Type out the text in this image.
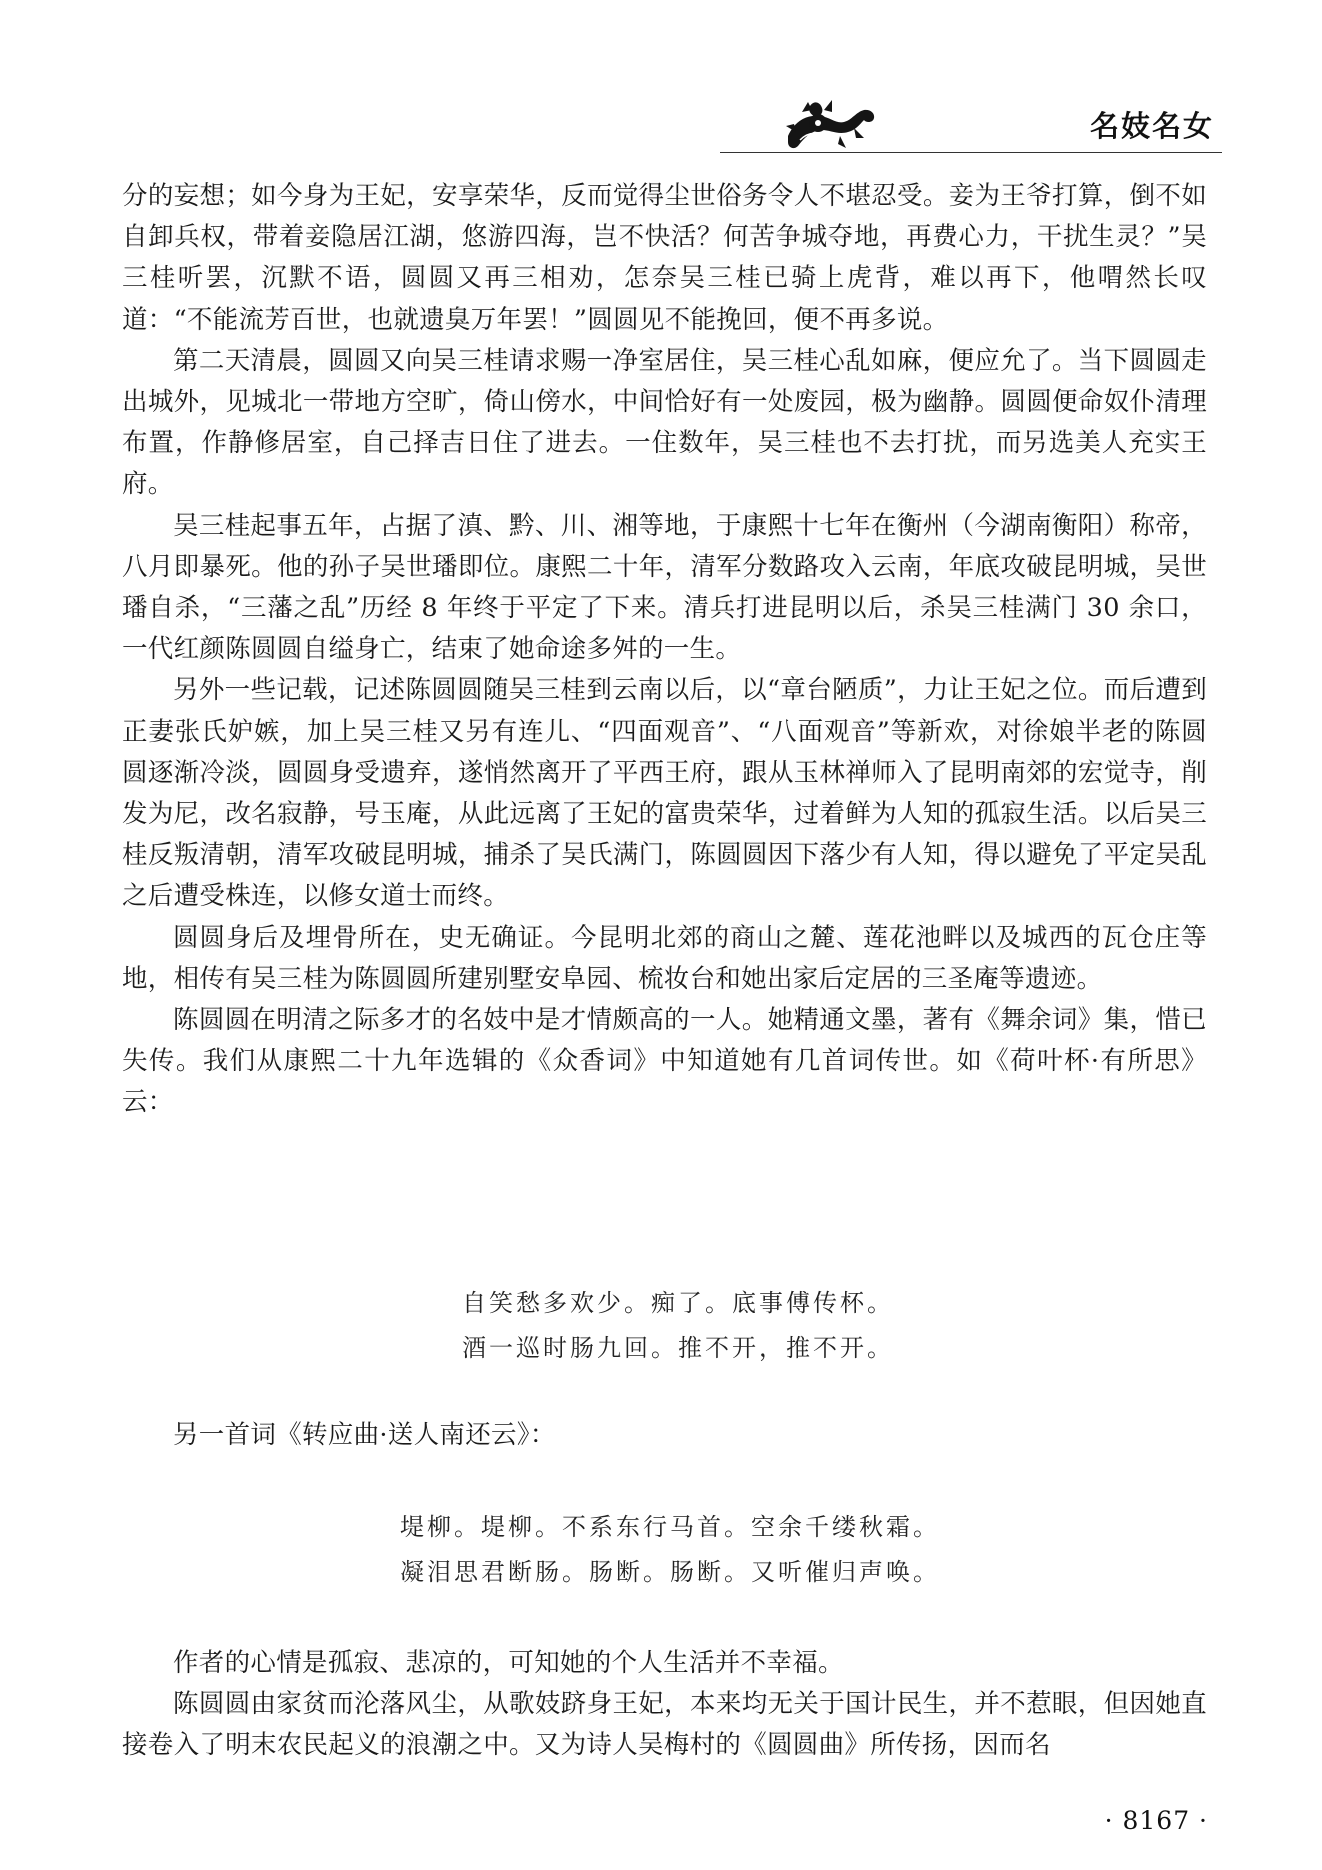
名妓名女

分的妄想；如今身为王妃，安享荣华，反而觉得尘世俗务令人不堪忍受。妾为王爷打算，倒不如自卸兵权，带着妾隐居江湖，悠游四海，岂不快活？何苦争城夺地，再费心力，干扰生灵？”吴三桂听罢，沉默不语，圆圆又再三相劝，怎奈吴三桂已骑上虎背，难以再下，他喟然长叹道：“不能流芳百世，也就遗臭万年罢！”圆圆见不能挽回，便不再多说。

第二天清晨，圆圆又向吴三桂请求赐一净室居住，吴三桂心乱如麻，便应允了。当下圆圆走出城外，见城北一带地方空旷，倚山傍水，中间恰好有一处废园，极为幽静。圆圆便命奴仆清理布置，作静修居室，自己择吉日住了进去。一住数年，吴三桂也不去打扰，而另选美人充实王府。

吴三桂起事五年，占据了滇、黔、川、湘等地，于康熙十七年在衡州（今湖南衡阳）称帝，八月即暴死。他的孙子吴世璠即位。康熙二十年，清军分数路攻入云南，年底攻破昆明城，吴世璠自杀，“三藩之乱”历经 8 年终于平定了下来。清兵打进昆明以后，杀吴三桂满门 30 余口，一代红颜陈圆圆自缢身亡，结束了她命途多舛的一生。

另外一些记载，记述陈圆圆随吴三桂到云南以后，以“章台陋质”，力让王妃之位。而后遭到正妻张氏妒嫉，加上吴三桂又另有连儿、“四面观音”、“八面观音”等新欢，对徐娘半老的陈圆圆逐渐冷淡，圆圆身受遗弃，遂悄然离开了平西王府，跟从玉林禅师入了昆明南郊的宏觉寺，削发为尼，改名寂静，号玉庵，从此远离了王妃的富贵荣华，过着鲜为人知的孤寂生活。以后吴三桂反叛清朝，清军攻破昆明城，捕杀了吴氏满门，陈圆圆因下落少有人知，得以避免了平定吴乱之后遭受株连，以修女道士而终。

圆圆身后及埋骨所在，史无确证。今昆明北郊的商山之麓、莲花池畔以及城西的瓦仓庄等地，相传有吴三桂为陈圆圆所建别墅安阜园、梳妆台和她出家后定居的三圣庵等遗迹。

陈圆圆在明清之际多才的名妓中是才情颇高的一人。她精通文墨，著有《舞余词》集，惜已失传。我们从康熙二十九年选辑的《众香词》中知道她有几首词传世。如《荷叶杯·有所思》云：

自笑愁多欢少。痴了。底事傅传杯。
酒一巡时肠九回。推不开，推不开。

另一首词《转应曲·送人南还云》：

堤柳。堤柳。不系东行马首。空余千缕秋霜。
凝泪思君断肠。肠断。肠断。又听催归声唤。

作者的心情是孤寂、悲凉的，可知她的个人生活并不幸福。

陈圆圆由家贫而沦落风尘，从歌妓跻身王妃，本来均无关于国计民生，并不惹眼，但因她直接卷入了明末农民起义的浪潮之中。又为诗人吴梅村的《圆圆曲》所传扬，因而名

· 8167 ·
